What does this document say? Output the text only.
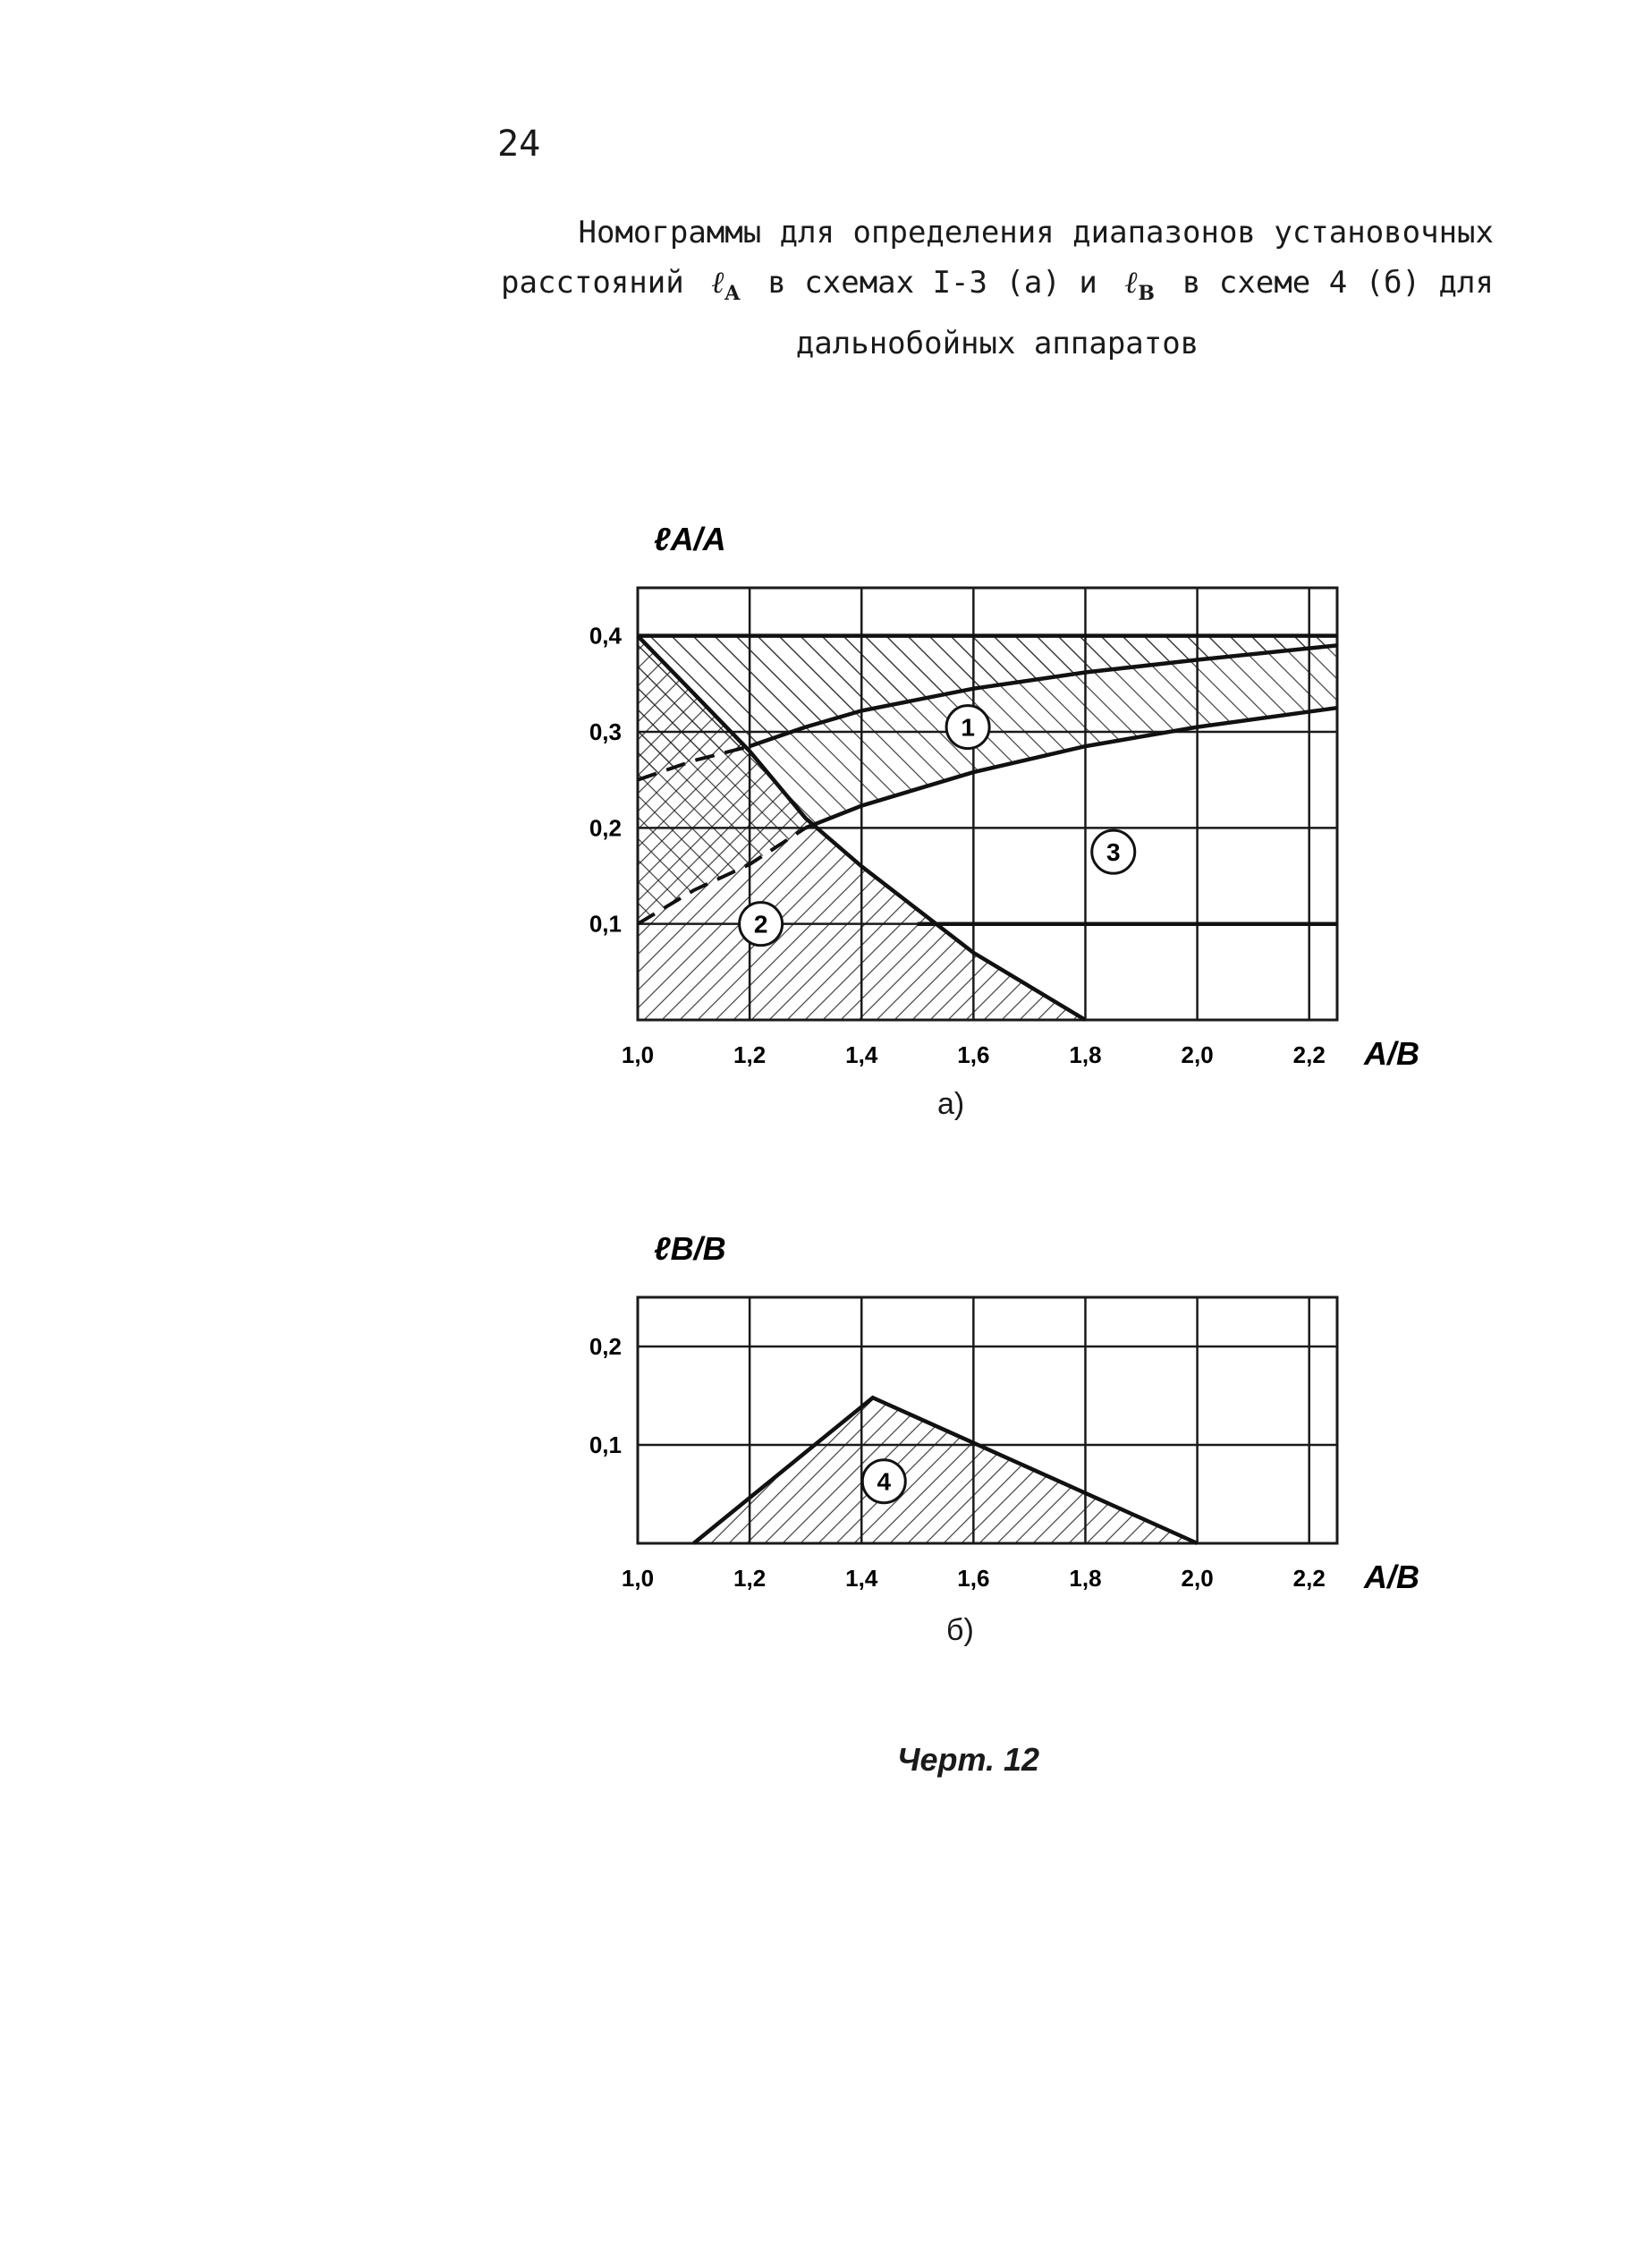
24
Номограммы для определения диапазонов установочных
расстояний ℓ$_A$ в схемах I-3 (а) и ℓ$_B$ в схеме 4 (б) для
дальнобойных аппаратов
1,0	1,2	1,4	1,6	1,8	2,0	2,2
0,4
0,3
0,2
0,1
ℓA/A
A/B
1
2
3
а)
1,0	1,2	1,4	1,6	1,8	2,0	2,2
0,2
0,1
ℓB/B
A/B
4
б)
Черт. 12
